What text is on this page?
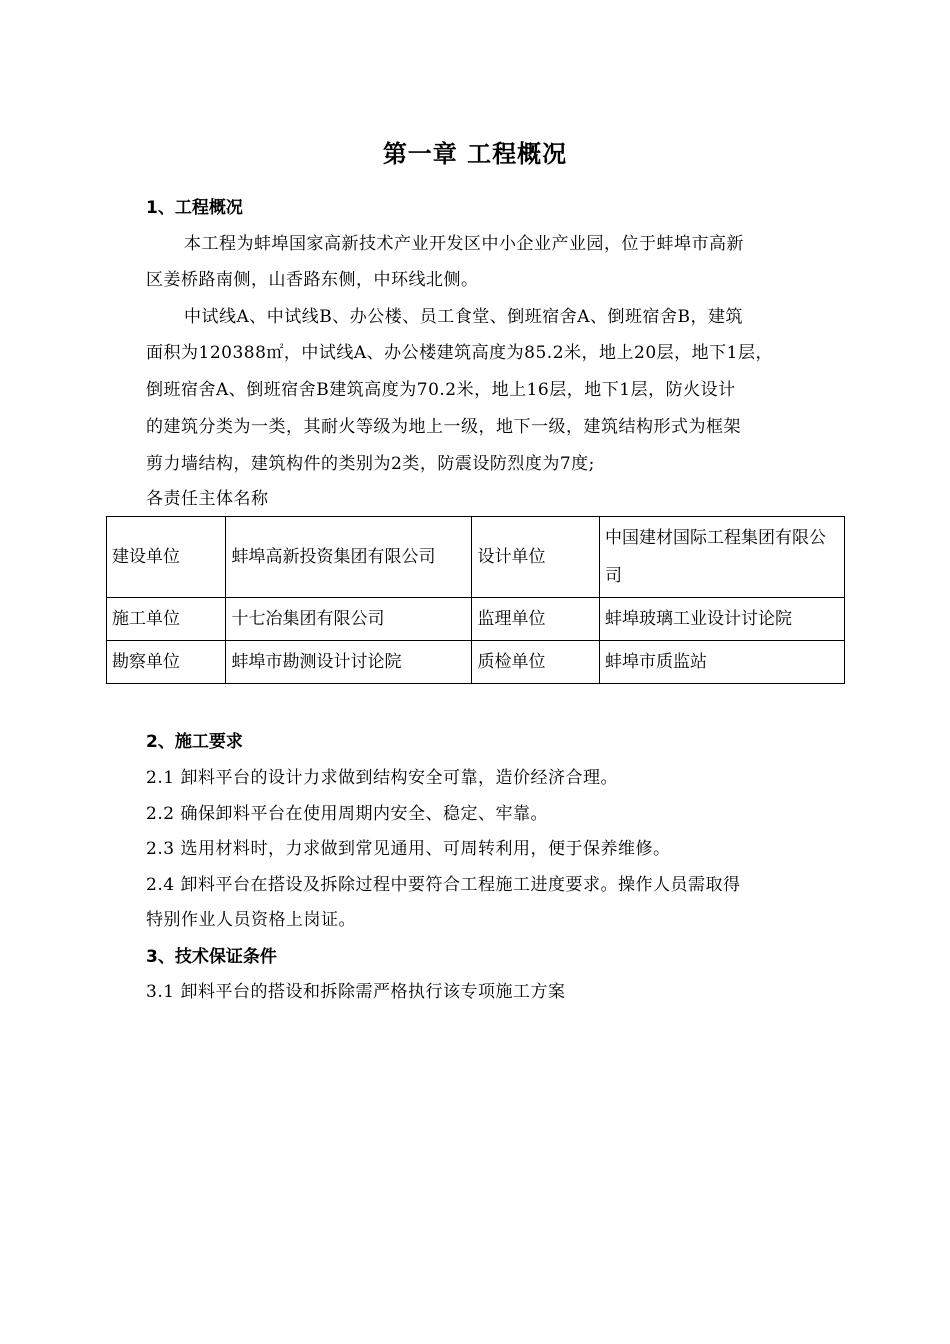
第一章 工程概况
1、工程概况
本工程为蚌埠国家高新技术产业开发区中小企业产业园，位于蚌埠市高新
区姜桥路南侧，山香路东侧，中环线北侧。
中试线A、中试线B、办公楼、员工食堂、倒班宿舍A、倒班宿舍B，建筑
面积为120388㎡，中试线A、办公楼建筑高度为85.2米，地上20层，地下1层，
倒班宿舍A、倒班宿舍B建筑高度为70.2米，地上16层，地下1层，防火设计
的建筑分类为一类，其耐火等级为地上一级，地下一级，建筑结构形式为框架
剪力墙结构，建筑构件的类别为2类，防震设防烈度为7度;
各责任主体名称
建设单位	蚌埠高新投资集团有限公司	设计单位	中国建材国际工程集团有限公司
施工单位	十七冶集团有限公司	监理单位	蚌埠玻璃工业设计讨论院
勘察单位	蚌埠市勘测设计讨论院	质检单位	蚌埠市质监站
2、施工要求
2.1 卸料平台的设计力求做到结构安全可靠，造价经济合理。
2.2 确保卸料平台在使用周期内安全、稳定、牢靠。
2.3 选用材料时，力求做到常见通用、可周转利用，便于保养维修。
2.4 卸料平台在搭设及拆除过程中要符合工程施工进度要求。操作人员需取得
特别作业人员资格上岗证。
3、技术保证条件
3.1 卸料平台的搭设和拆除需严格执行该专项施工方案
